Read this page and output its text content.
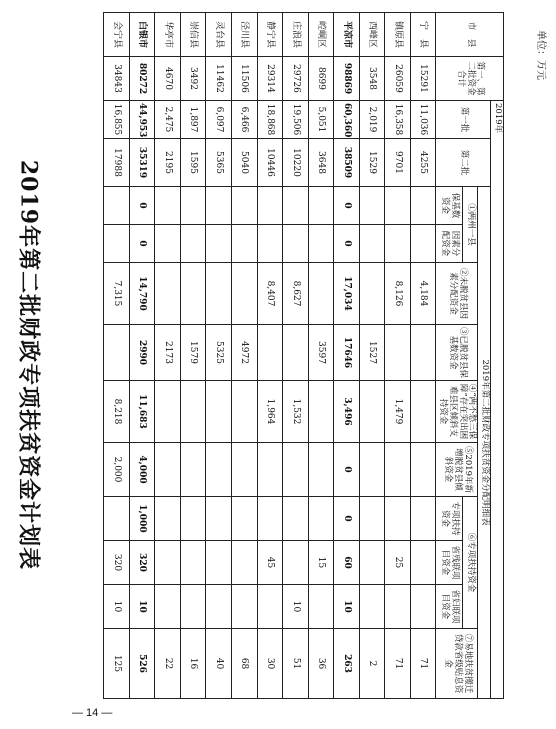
2019年第二批财政专项扶贫资金计划表
单位：万元
— 14 —
市　县	第一、第二批资金合计	2019年											
		第一批	第二批	2019年第二批财政专项扶贫资金分配明细表									
				①两州一县		②未脱贫县因素分配资金	③已脱贫县保基数资金	④“两不愁三保障”存在突出困难县区倾斜支持资金	⑤2019年新增脱贫县倾斜资金	⑥专项扶持资金			⑦易地扶贫搬迁贷款省级贴息资金
				保基数资金	因素分配资金					专项扶持资金	省残联项目资金	省妇联项目资金	
宁　县	15291	11,036	4255			4,184							71
镇原县	26059	16,358	9701			8,126		1,479			25		71
西峰区	3548	2,019	1529				1527						2
平凉市	98869	60,360	38509	0	0	17,034	17646	3,496	0	0	60	10	263
崆峒区	8699	5,051	3648				3597				15		36
庄浪县	29726	19,506	10220			8,627		1,532				10	51
静宁县	29314	18,868	10446			8,407		1,964			45		30
泾川县	11506	6,466	5040				4972						68
灵台县	11462	6,097	5365				5325						40
崇信县	3492	1,897	1595				1579						16
华亭市	4670	2,475	2195				2173						22
白银市	80272	44,953	35319	0	0	14,790	2990	11,683	4,000	1,000	320	10	526
会宁县	34843	16,855	17988			7,315		8,218	2,000		320	10	125
